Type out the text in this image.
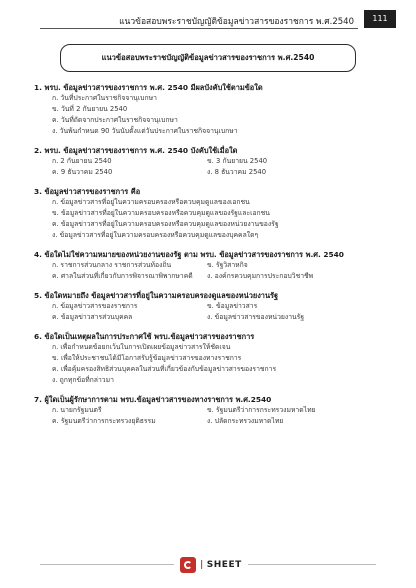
แนวข้อสอบพระราชบัญญัติข้อมูลข่าวสารของราชการ พ.ศ.2540	111
แนวข้อสอบพระราชบัญญัติข้อมูลข่าวสารของราชการ พ.ศ.2540
1. พรบ. ข้อมูลข่าวสารของราชการ พ.ศ. 2540 มีผลบังคับใช้ตามข้อใด
ก. วันที่ประกาศในราชกิจจานุเบกษา
ข. วันที่ 2 กันยายน 2540
ค. วันที่ถัดจากประกาศในราชกิจจานุเบกษา
ง. วันพ้นกำหนด 90 วันนับตั้งแต่วันประกาศในราชกิจจานุเบกษา
2. พรบ. ข้อมูลข่าวสารของราชการ พ.ศ. 2540 บังคับใช้เมื่อใด
ก. 2 กันยายน 2540	ข. 3 กันยายน 2540
ค. 9 ธันวาคม 2540	ง. 8 ธันวาคม 2540
3. ข้อมูลข่าวสารของราชการ คือ
ก. ข้อมูลข่าวสารที่อยู่ในความครอบครองหรือควบคุมดูแลของเอกชน
ข. ข้อมูลข่าวสารที่อยู่ในความครอบครองหรือควบคุมดูแลของรัฐและเอกชน
ค. ข้อมูลข่าวสารที่อยู่ในความครอบครองหรือควบคุมดูแลของหน่วยงานของรัฐ
ง. ข้อมูลข่าวสารที่อยู่ในความครอบครองหรือควบคุมดูแลของบุคคลใดๆ
4. ข้อใดไม่ใช่ความหมายของหน่วยงานของรัฐ ตาม พรบ. ข้อมูลข่าวสารของราชการ พ.ศ. 2540
ก. ราชการส่วนกลาง ราชการส่วนท้องถิ่น	ข. รัฐวิสาหกิจ
ค. ศาลในส่วนที่เกี่ยวกับการพิจารณาพิพากษาคดี	ง. องค์กรควบคุมการประกอบวิชาชีพ
5. ข้อใดหมายถึง ข้อมูลข่าวสารที่อยู่ในความครอบครองดูแลของหน่วยงานรัฐ
ก. ข้อมูลข่าวสารของราชการ	ข. ข้อมูลข่าวสาร
ค. ข้อมูลข่าวสารส่วนบุคคล	ง. ข้อมูลข่าวสารของหน่วยงานรัฐ
6. ข้อใดเป็นเหตุผลในการประกาศใช้ พรบ.ข้อมูลข่าวสารของราชการ
ก. เพื่อกำหนดข้อยกเว้นในการเปิดเผยข้อมูลข่าวสารให้ชัดเจน
ข. เพื่อให้ประชาชนได้มีโอกาสรับรู้ข้อมูลข่าวสารของทางราชการ
ค. เพื่อคุ้มครองสิทธิส่วนบุคคลในส่วนที่เกี่ยวข้องกับข้อมูลข่าวสารของราชการ
ง. ถูกทุกข้อที่กล่าวมา
7. ผู้ใดเป็นผู้รักษาการตาม พรบ.ข้อมูลข่าวสารของทางราชการ พ.ศ.2540
ก. นายกรัฐมนตรี	ข. รัฐมนตรีว่าการกระทรวงมหาดไทย
ค. รัฐมนตรีว่าการกระทรวงยุติธรรม	ง. ปลัดกระทรวงมหาดไทย
| SHEET
